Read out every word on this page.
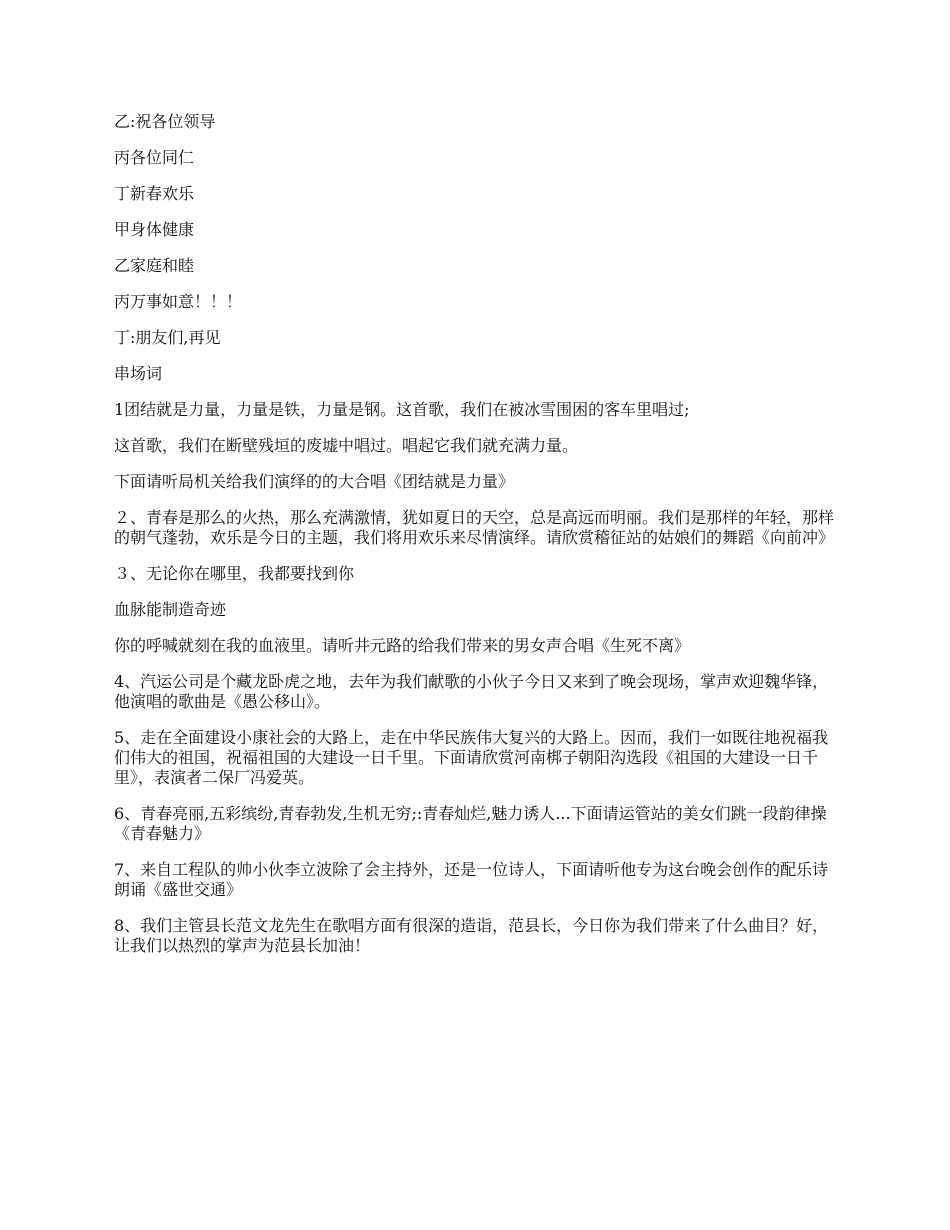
乙:祝各位领导
丙各位同仁
丁新春欢乐
甲身体健康
乙家庭和睦
丙万事如意！！！
丁:朋友们,再见
串场词
1团结就是力量，力量是铁，力量是钢。这首歌，我们在被冰雪围困的客车里唱过;
这首歌，我们在断壁残垣的废墟中唱过。唱起它我们就充满力量。
下面请听局机关给我们演绎的的大合唱《团结就是力量》
２、青春是那么的火热，那么充满激情，犹如夏日的天空，总是高远而明丽。我们是那样的年轻，那样的朝气蓬勃，欢乐是今日的主题，我们将用欢乐来尽情演绎。请欣赏稽征站的姑娘们的舞蹈《向前冲》
３、无论你在哪里，我都要找到你
血脉能制造奇迹
你的呼喊就刻在我的血液里。请听井元路的给我们带来的男女声合唱《生死不离》
4、汽运公司是个藏龙卧虎之地，去年为我们献歌的小伙子今日又来到了晚会现场，掌声欢迎魏华锋，他演唱的歌曲是《愚公移山》。
5、走在全面建设小康社会的大路上，走在中华民族伟大复兴的大路上。因而，我们一如既往地祝福我们伟大的祖国，祝福祖国的大建设一日千里。下面请欣赏河南梆子朝阳沟选段《祖国的大建设一日千里》，表演者二保厂冯爱英。
6、青春亮丽,五彩缤纷,青春勃发,生机无穷;:青春灿烂,魅力诱人...下面请运管站的美女们跳一段韵律操《青春魅力》
7、来自工程队的帅小伙李立波除了会主持外，还是一位诗人，下面请听他专为这台晚会创作的配乐诗朗诵《盛世交通》
8、我们主管县长范文龙先生在歌唱方面有很深的造诣，范县长，今日你为我们带来了什么曲目？好，让我们以热烈的掌声为范县长加油！
